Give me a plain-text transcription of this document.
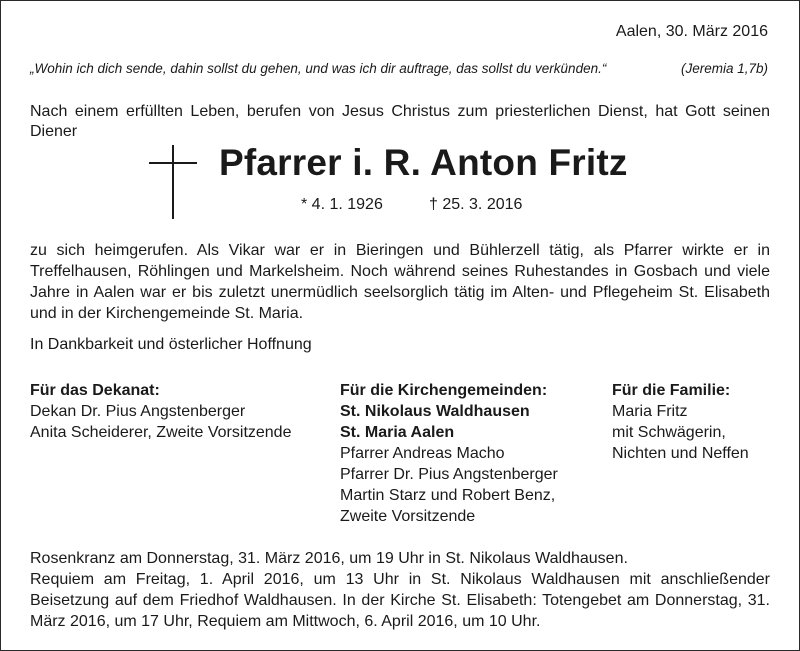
Aalen, 30. März 2016
„Wohin ich dich sende, dahin sollst du gehen, und was ich dir auftrage, das sollst du verkünden.“	(Jeremia 1,7b)
Nach einem erfüllten Leben, berufen von Jesus Christus zum priesterlichen Dienst, hat Gott seinen Diener
Pfarrer i. R. Anton Fritz
* 4. 1. 1926	† 25. 3. 2016
zu sich heimgerufen. Als Vikar war er in Bieringen und Bühlerzell tätig, als Pfarrer wirkte er in Treffelhausen, Röhlingen und Markelsheim. Noch während seines Ruhestandes in Gosbach und viele Jahre in Aalen war er bis zuletzt unermüdlich seelsorglich tätig im Alten- und Pflegeheim St. Elisabeth und in der Kirchengemeinde St. Maria.
In Dankbarkeit und österlicher Hoffnung
Für das Dekanat:
Dekan Dr. Pius Angstenberger
Anita Scheiderer, Zweite Vorsitzende
Für die Kirchengemeinden:
St. Nikolaus Waldhausen
St. Maria Aalen
Pfarrer Andreas Macho
Pfarrer Dr. Pius Angstenberger
Martin Starz und Robert Benz,
Zweite Vorsitzende
Für die Familie:
Maria Fritz
mit Schwägerin,
Nichten und Neffen
Rosenkranz am Donnerstag, 31. März 2016, um 19 Uhr in St. Nikolaus Waldhausen.
Requiem am Freitag, 1. April 2016, um 13 Uhr in St. Nikolaus Waldhausen mit anschließender Beisetzung auf dem Friedhof Waldhausen. In der Kirche St. Elisabeth: Totengebet am Donnerstag, 31. März 2016, um 17 Uhr, Requiem am Mittwoch, 6. April 2016, um 10 Uhr.
